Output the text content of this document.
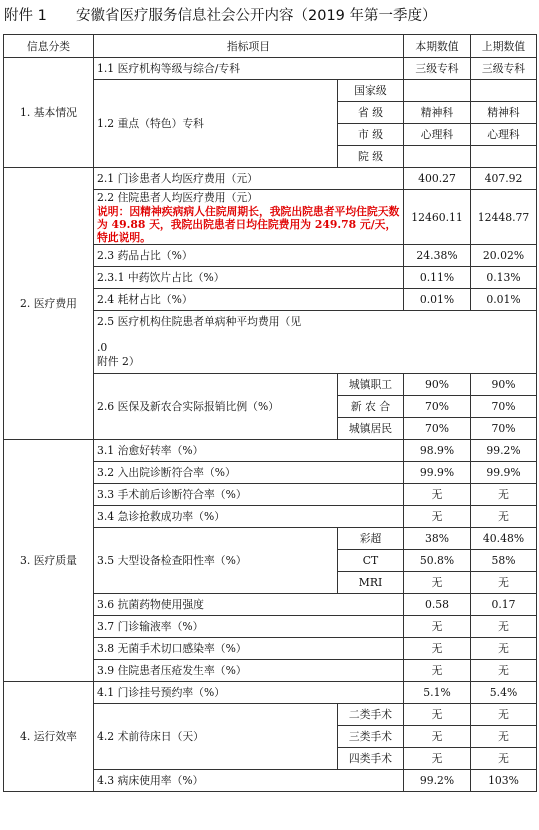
附件 1 安徽省医疗服务信息社会公开内容（2019 年第一季度）
信息分类	指标项目		本期数值	上期数值
1. 基本情况	1.1 医疗机构等级与综合/专科		三级专科	三级专科
	1.2 重点（特色）专科	国家级		
		省 级	精神科	精神科
		市 级	心理科	心理科
		院 级		
2. 医疗费用	2.1 门诊患者人均医疗费用（元）		400.27	407.92

	2.2 住院患者人均医疗费用（元）
说明：因精神疾病病人住院周期长，我院出院患者平均住院天数为 49.88 天，我院出院患者日均住院费用为 249.78 元/天，特此说明。		12460.11	12448.77
	2.3 药品占比（%）		24.38%	20.02%
	2.3.1 中药饮片占比（%）		0.11%	0.13%
	2.4 耗材占比（%）		0.01%	0.01%

	2.5 医疗机构住院患者单病种平均费用（见
.0
附件 2）			

	2.6 医保及新农合实际报销比例（%）	城镇职工	90%	90%
		新 农 合	70%	70%
		城镇居民	70%	70%
3. 医疗质量	3.1 治愈好转率（%）		98.9%	99.2%
	3.2 入出院诊断符合率（%）		99.9%	99.9%
	3.3 手术前后诊断符合率（%）		无	无
	3.4 急诊抢救成功率（%）		无	无
	3.5 大型设备检查阳性率（%）	彩超	38%	40.48%
		CT	50.8%	58%
		MRI	无	无
	3.6 抗菌药物使用强度		0.58	0.17
	3.7 门诊输液率（%）		无	无
	3.8 无菌手术切口感染率（%）		无	无
	3.9 住院患者压疮发生率（%）		无	无
4. 运行效率	4.1 门诊挂号预约率（%）		5.1%	5.4%
	4.2 术前待床日（天）	二类手术	无	无
		三类手术	无	无
		四类手术	无	无
	4.3 病床使用率（%）		99.2%	103%
